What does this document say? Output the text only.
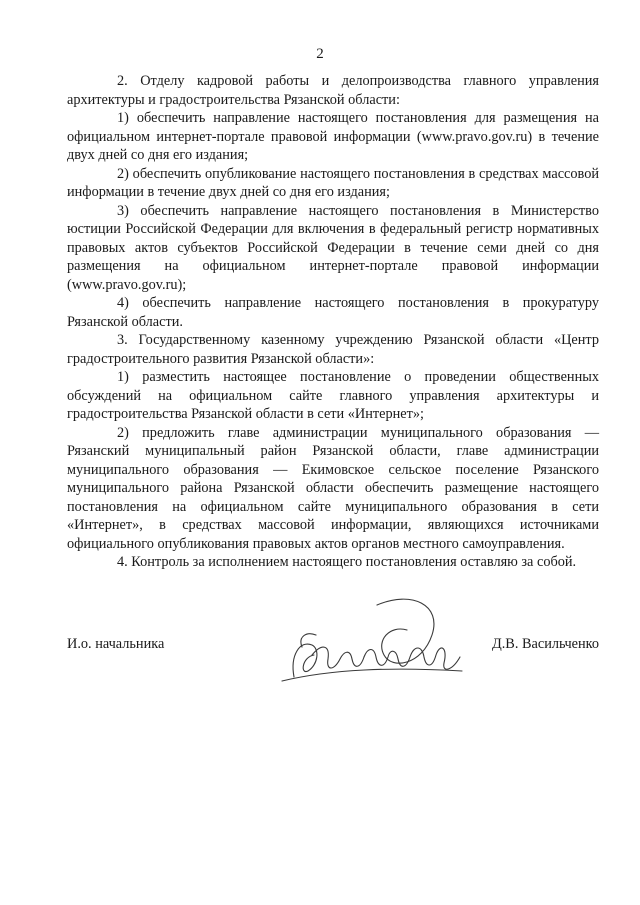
2

2. Отделу кадровой работы и делопроизводства главного управления архитектуры и градостроительства Рязанской области:

1) обеспечить направление настоящего постановления для размещения на официальном интернет-портале правовой информации (www.pravo.gov.ru) в течение двух дней со дня его издания;

2) обеспечить опубликование настоящего постановления в средствах массовой информации в течение двух дней со дня его издания;

3) обеспечить направление настоящего постановления в Министерство юстиции Российской Федерации для включения в федеральный регистр нормативных правовых актов субъектов Российской Федерации в течение семи дней со дня размещения на официальном интернет-портале правовой информации (www.pravo.gov.ru);

4) обеспечить направление настоящего постановления в прокуратуру Рязанской области.

3. Государственному казенному учреждению Рязанской области «Центр градостроительного развития Рязанской области»:

1) разместить настоящее постановление о проведении общественных обсуждений на официальном сайте главного управления архитектуры и градостроительства Рязанской области в сети «Интернет»;

2) предложить главе администрации муниципального образования — Рязанский муниципальный район Рязанской области, главе администрации муниципального образования — Екимовское сельское поселение Рязанского муниципального района Рязанской области обеспечить размещение настоящего постановления на официальном сайте муниципального образования в сети «Интернет», в средствах массовой информации, являющихся источниками официального опубликования правовых актов органов местного самоуправления.

4. Контроль за исполнением настоящего постановления оставляю за собой.

И.о. начальника	Д.В. Васильченко
